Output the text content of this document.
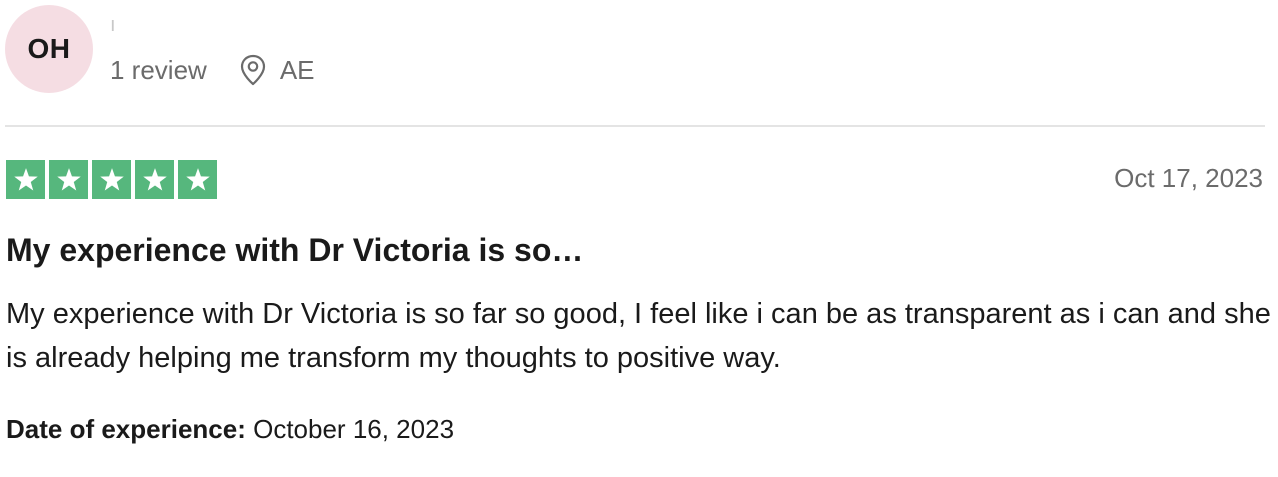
OH
ı
1 review	AE
Oct 17, 2023
My experience with Dr Victoria is so…
My experience with Dr Victoria is so far so good, I feel like i can be as transparent as i can and she is already helping me transform my thoughts to positive way.
Date of experience: October 16, 2023
